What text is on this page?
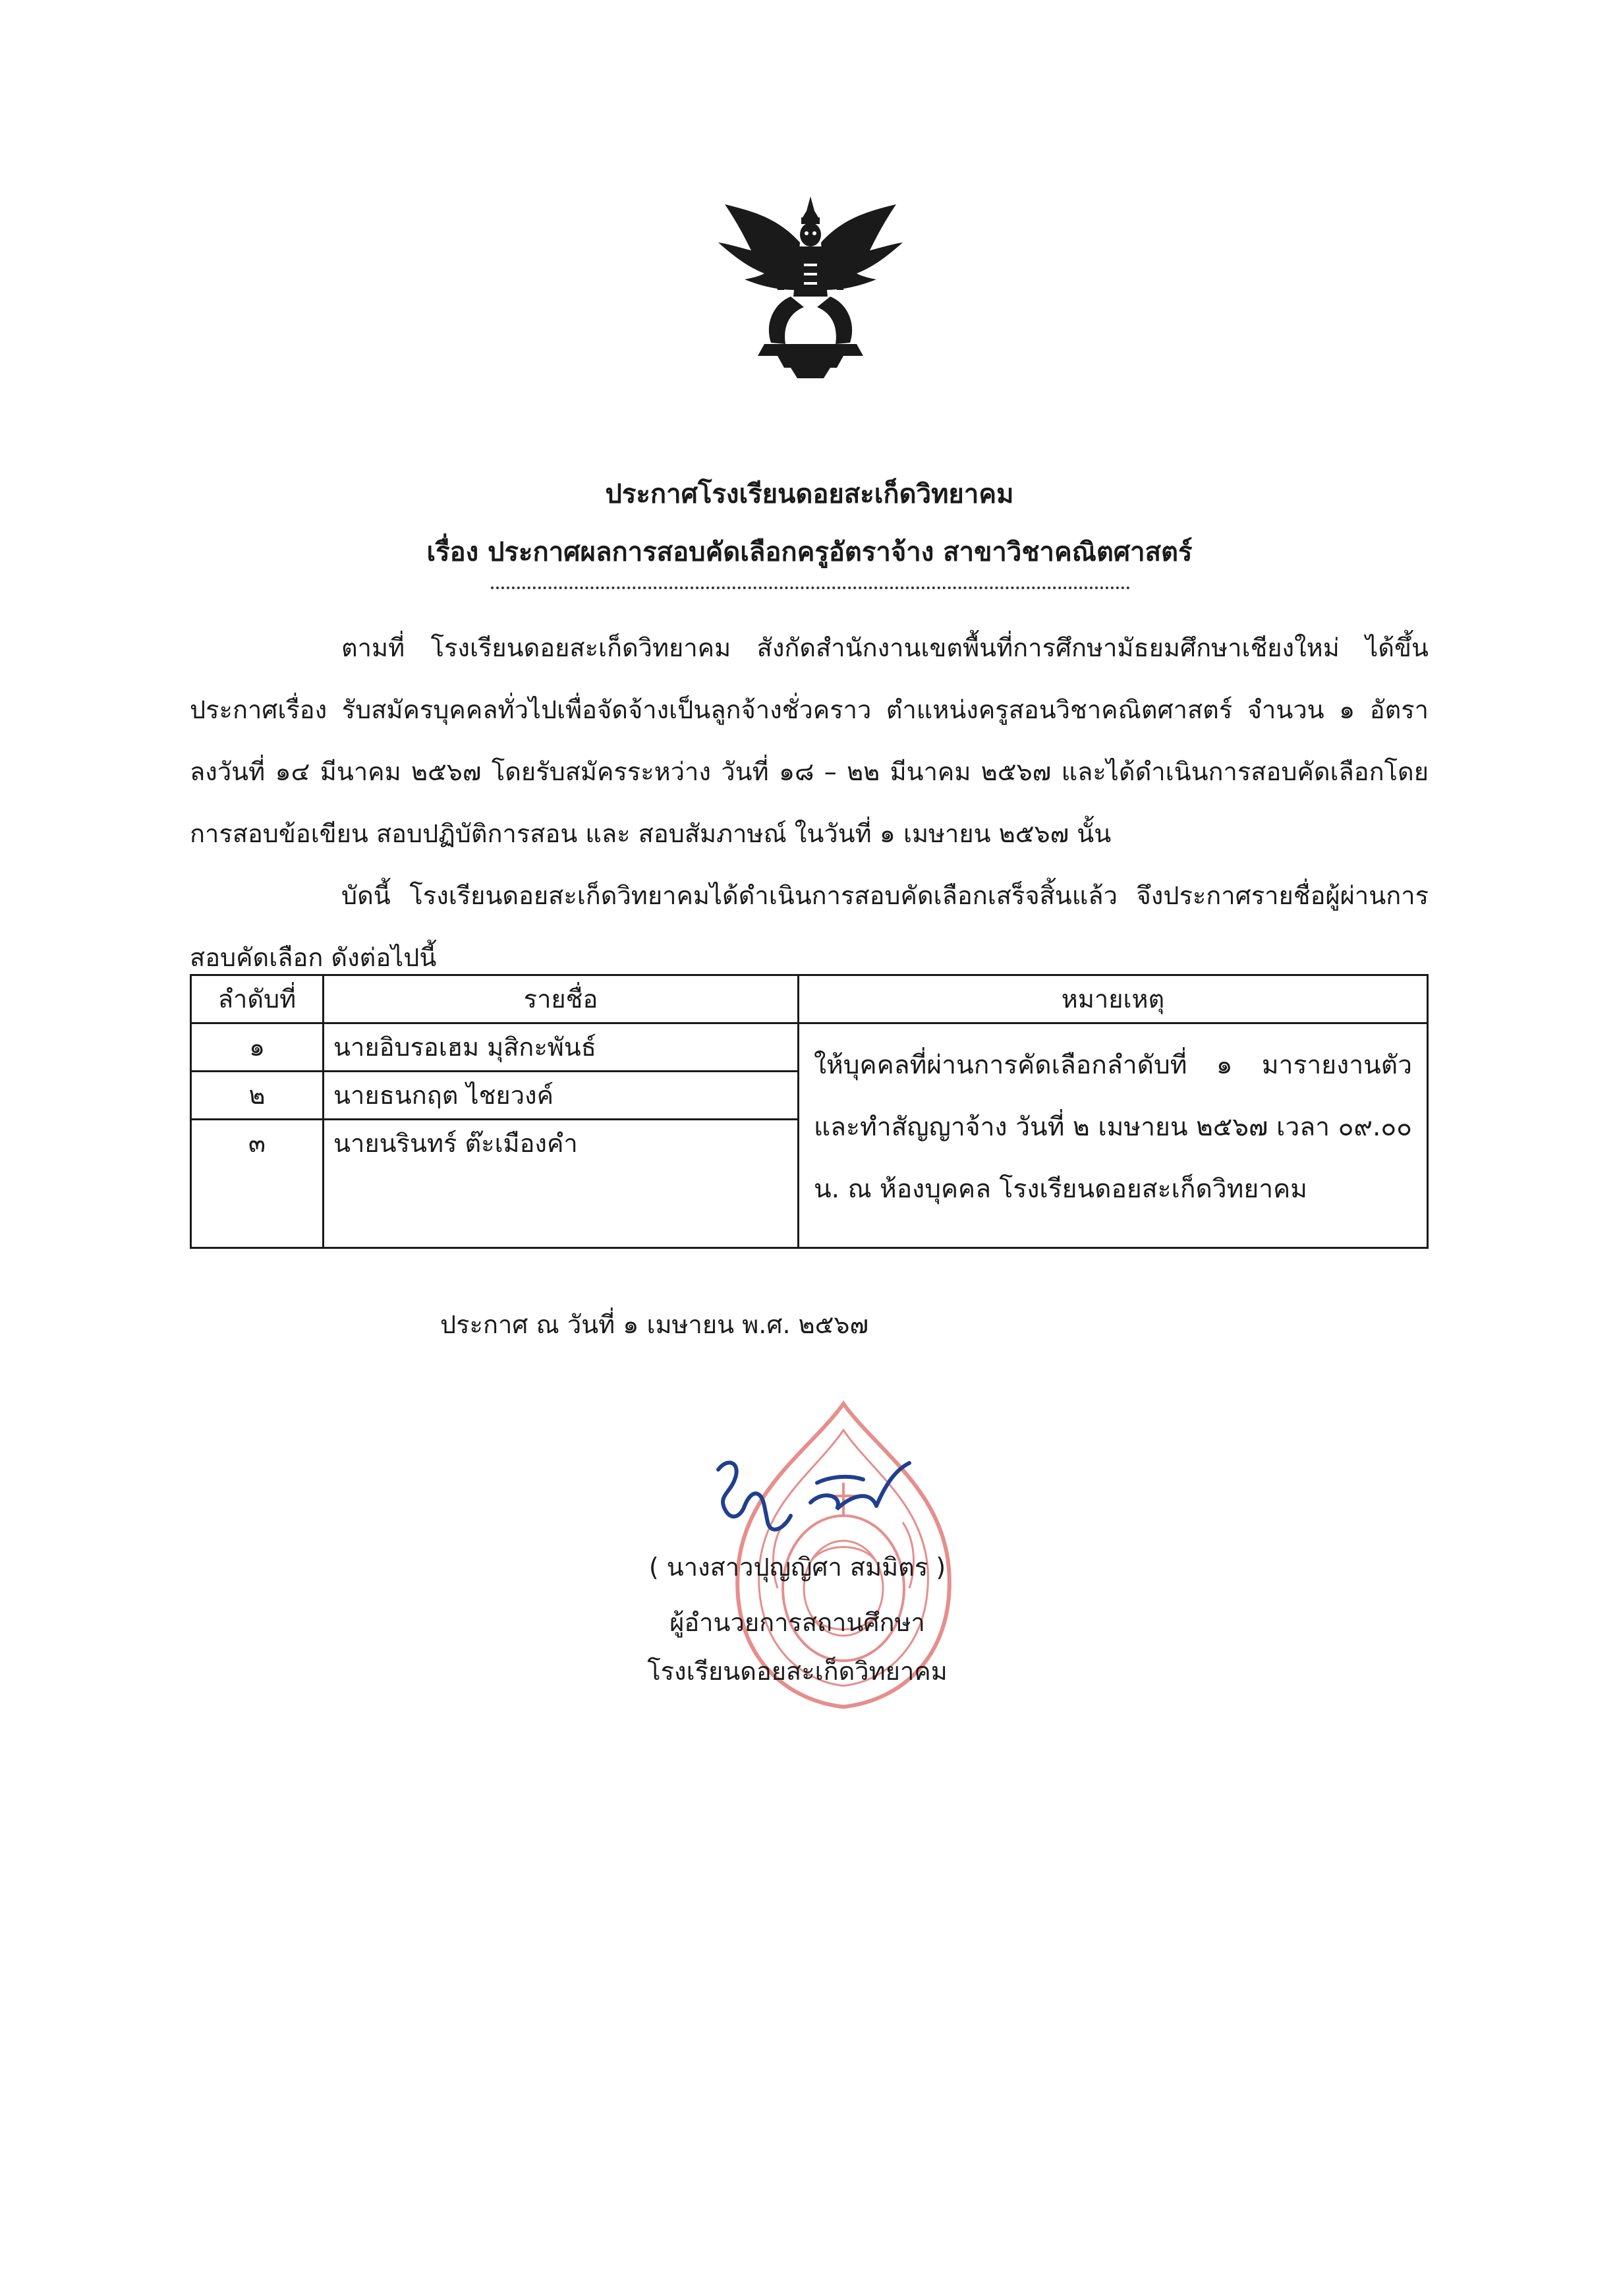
ประกาศโรงเรียนดอยสะเก็ดวิทยาคม
เรื่อง ประกาศผลการสอบคัดเลือกครูอัตราจ้าง สาขาวิชาคณิตศาสตร์
ตามที่ โรงเรียนดอยสะเก็ดวิทยาคม สังกัดสำนักงานเขตพื้นที่การศึกษามัธยมศึกษาเชียงใหม่ ได้ขึ้นประกาศเรื่อง รับสมัครบุคคลทั่วไปเพื่อจัดจ้างเป็นลูกจ้างชั่วคราว ตำแหน่งครูสอนวิชาคณิตศาสตร์ จำนวน ๑ อัตรา ลงวันที่ ๑๔ มีนาคม ๒๕๖๗ โดยรับสมัครระหว่าง วันที่ ๑๘ – ๒๒ มีนาคม ๒๕๖๗ และได้ดำเนินการสอบคัดเลือกโดยการสอบข้อเขียน สอบปฏิบัติการสอน และ สอบสัมภาษณ์ ในวันที่ ๑ เมษายน ๒๕๖๗ นั้น
บัดนี้ โรงเรียนดอยสะเก็ดวิทยาคมได้ดำเนินการสอบคัดเลือกเสร็จสิ้นแล้ว จึงประกาศรายชื่อผู้ผ่านการสอบคัดเลือก ดังต่อไปนี้
ลำดับที่	รายชื่อ	หมายเหตุ
๑	นายอิบรอเฮม มุสิกะพันธ์	ให้บุคคลที่ผ่านการคัดเลือกลำดับที่ ๑ มารายงานตัว และทำสัญญาจ้าง วันที่ ๒ เมษายน ๒๕๖๗ เวลา ๐๙.๐๐ น. ณ ห้องบุคคล โรงเรียนดอยสะเก็ดวิทยาคม
๒	นายธนกฤต ไชยวงค์	
๓	นายนรินทร์ ต๊ะเมืองคำ	
ประกาศ ณ วันที่ ๑ เมษายน พ.ศ. ๒๕๖๗
( นางสาวปุญญิศา สมมิตร )
ผู้อำนวยการสถานศึกษา
โรงเรียนดอยสะเก็ดวิทยาคม
